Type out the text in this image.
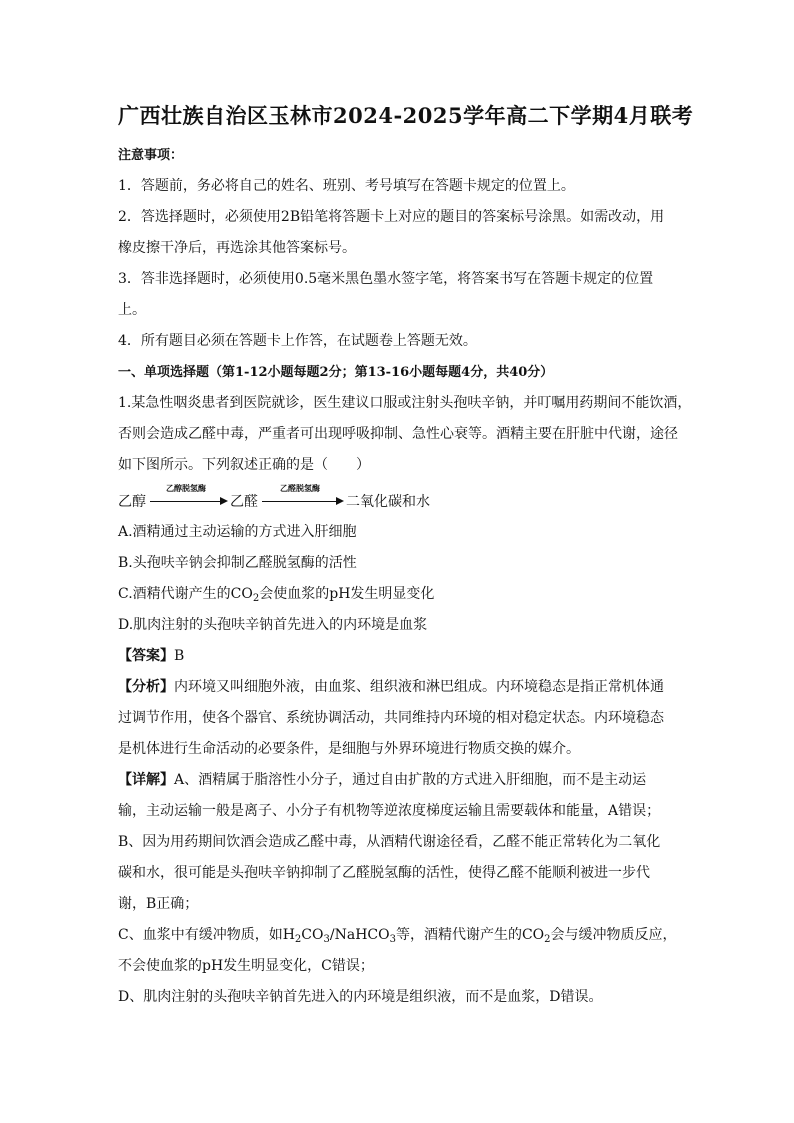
广西壮族自治区玉林市2024-2025学年高二下学期4月联考
注意事项：

1．答题前，务必将自己的姓名、班别、考号填写在答题卡规定的位置上。

2．答选择题时，必须使用2B铅笔将答题卡上对应的题目的答案标号涂黑。如需改动，用

橡皮擦干净后，再选涂其他答案标号。

3．答非选择题时，必须使用0.5毫米黑色墨水签字笔，将答案书写在答题卡规定的位置

上。

4．所有题目必须在答题卡上作答，在试题卷上答题无效。

一、单项选择题（第1-12小题每题2分；第13-16小题每题4分，共40分）

1.某急性咽炎患者到医院就诊，医生建议口服或注射头孢呋辛钠，并叮嘱用药期间不能饮酒，

否则会造成乙醛中毒，严重者可出现呼吸抑制、急性心衰等。酒精主要在肝脏中代谢，途径

如下图所示。下列叙述正确的是（　　）

乙醇
乙醇脱氢酶
乙醛
乙醛脱氢酶
二氧化碳和水

A.酒精通过主动运输的方式进入肝细胞

B.头孢呋辛钠会抑制乙醛脱氢酶的活性

C.酒精代谢产生的$CO_2$会使血浆的pH发生明显变化

D.肌肉注射的头孢呋辛钠首先进入的内环境是血浆

【答案】B

【分析】内环境又叫细胞外液，由血浆、组织液和淋巴组成。内环境稳态是指正常机体通

过调节作用，使各个器官、系统协调活动，共同维持内环境的相对稳定状态。内环境稳态

是机体进行生命活动的必要条件，是细胞与外界环境进行物质交换的媒介。

【详解】A、酒精属于脂溶性小分子，通过自由扩散的方式进入肝细胞，而不是主动运

输，主动运输一般是离子、小分子有机物等逆浓度梯度运输且需要载体和能量，A错误；

B、因为用药期间饮酒会造成乙醛中毒，从酒精代谢途径看，乙醛不能正常转化为二氧化

碳和水，很可能是头孢呋辛钠抑制了乙醛脱氢酶的活性，使得乙醛不能顺利被进一步代

谢，B正确；

C、血浆中有缓冲物质，如$H_2CO_3/NaHCO_3$等，酒精代谢产生的$CO_2$会与缓冲物质反应，

不会使血浆的pH发生明显变化，C错误；

D、肌肉注射的头孢呋辛钠首先进入的内环境是组织液，而不是血浆，D错误。
